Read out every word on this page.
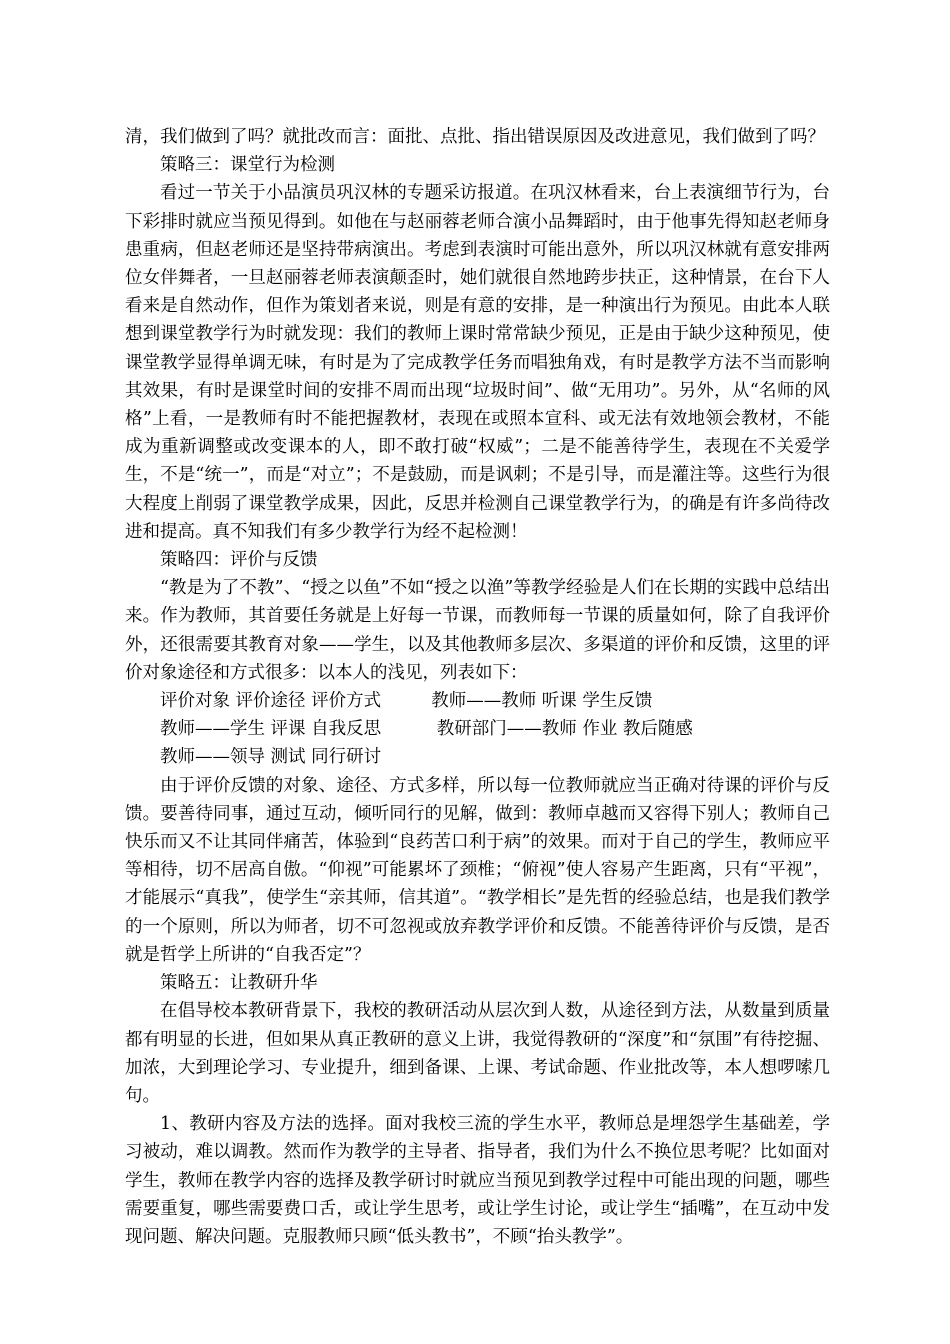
清，我们做到了吗？就批改而言：面批、点批、指出错误原因及改进意见，我们做到了吗？

策略三：课堂行为检测

看过一节关于小品演员巩汉林的专题采访报道。在巩汉林看来，台上表演细节行为，台下彩排时就应当预见得到。如他在与赵丽蓉老师合演小品舞蹈时，由于他事先得知赵老师身患重病，但赵老师还是坚持带病演出。考虑到表演时可能出意外，所以巩汉林就有意安排两位女伴舞者，一旦赵丽蓉老师表演颠歪时，她们就很自然地跨步扶正，这种情景，在台下人看来是自然动作，但作为策划者来说，则是有意的安排，是一种演出行为预见。由此本人联想到课堂教学行为时就发现：我们的教师上课时常常缺少预见，正是由于缺少这种预见，使课堂教学显得单调无味，有时是为了完成教学任务而唱独角戏，有时是教学方法不当而影响其效果，有时是课堂时间的安排不周而出现“垃圾时间”、做“无用功”。另外，从“名师的风格”上看，一是教师有时不能把握教材，表现在或照本宣科、或无法有效地领会教材，不能成为重新调整或改变课本的人，即不敢打破“权威”；二是不能善待学生，表现在不关爱学生，不是“统一”，而是“对立”；不是鼓励，而是讽刺；不是引导，而是灌注等。这些行为很大程度上削弱了课堂教学成果，因此，反思并检测自己课堂教学行为，的确是有许多尚待改进和提高。真不知我们有多少教学行为经不起检测！

策略四：评价与反馈

“教是为了不教”、“授之以鱼”不如“授之以渔”等教学经验是人们在长期的实践中总结出来。作为教师，其首要任务就是上好每一节课，而教师每一节课的质量如何，除了自我评价外，还很需要其教育对象——学生，以及其他教师多层次、多渠道的评价和反馈，这里的评价对象途径和方式很多：以本人的浅见，列表如下：

评价对象 评价途径 评价方式         教师——教师 听课 学生反馈

教师——学生 评课 自我反思          教研部门——教师 作业 教后随感

教师——领导 测试 同行研讨

由于评价反馈的对象、途径、方式多样，所以每一位教师就应当正确对待课的评价与反馈。要善待同事，通过互动，倾听同行的见解，做到：教师卓越而又容得下别人；教师自己快乐而又不让其同伴痛苦，体验到“良药苦口利于病”的效果。而对于自己的学生，教师应平等相待，切不居高自傲。“仰视”可能累坏了颈椎；“俯视”使人容易产生距离，只有“平视”，才能展示“真我”，使学生“亲其师，信其道”。“教学相长”是先哲的经验总结，也是我们教学的一个原则，所以为师者，切不可忽视或放弃教学评价和反馈。不能善待评价与反馈，是否就是哲学上所讲的“自我否定”？

策略五：让教研升华

在倡导校本教研背景下，我校的教研活动从层次到人数，从途径到方法，从数量到质量都有明显的长进，但如果从真正教研的意义上讲，我觉得教研的“深度”和“氛围”有待挖掘、加浓，大到理论学习、专业提升，细到备课、上课、考试命题、作业批改等，本人想啰嗦几句。

1、教研内容及方法的选择。面对我校三流的学生水平，教师总是埋怨学生基础差，学习被动，难以调教。然而作为教学的主导者、指导者，我们为什么不换位思考呢？比如面对学生，教师在教学内容的选择及教学研讨时就应当预见到教学过程中可能出现的问题，哪些需要重复，哪些需要费口舌，或让学生思考，或让学生讨论，或让学生“插嘴”，在互动中发现问题、解决问题。克服教师只顾“低头教书”，不顾“抬头教学”。
